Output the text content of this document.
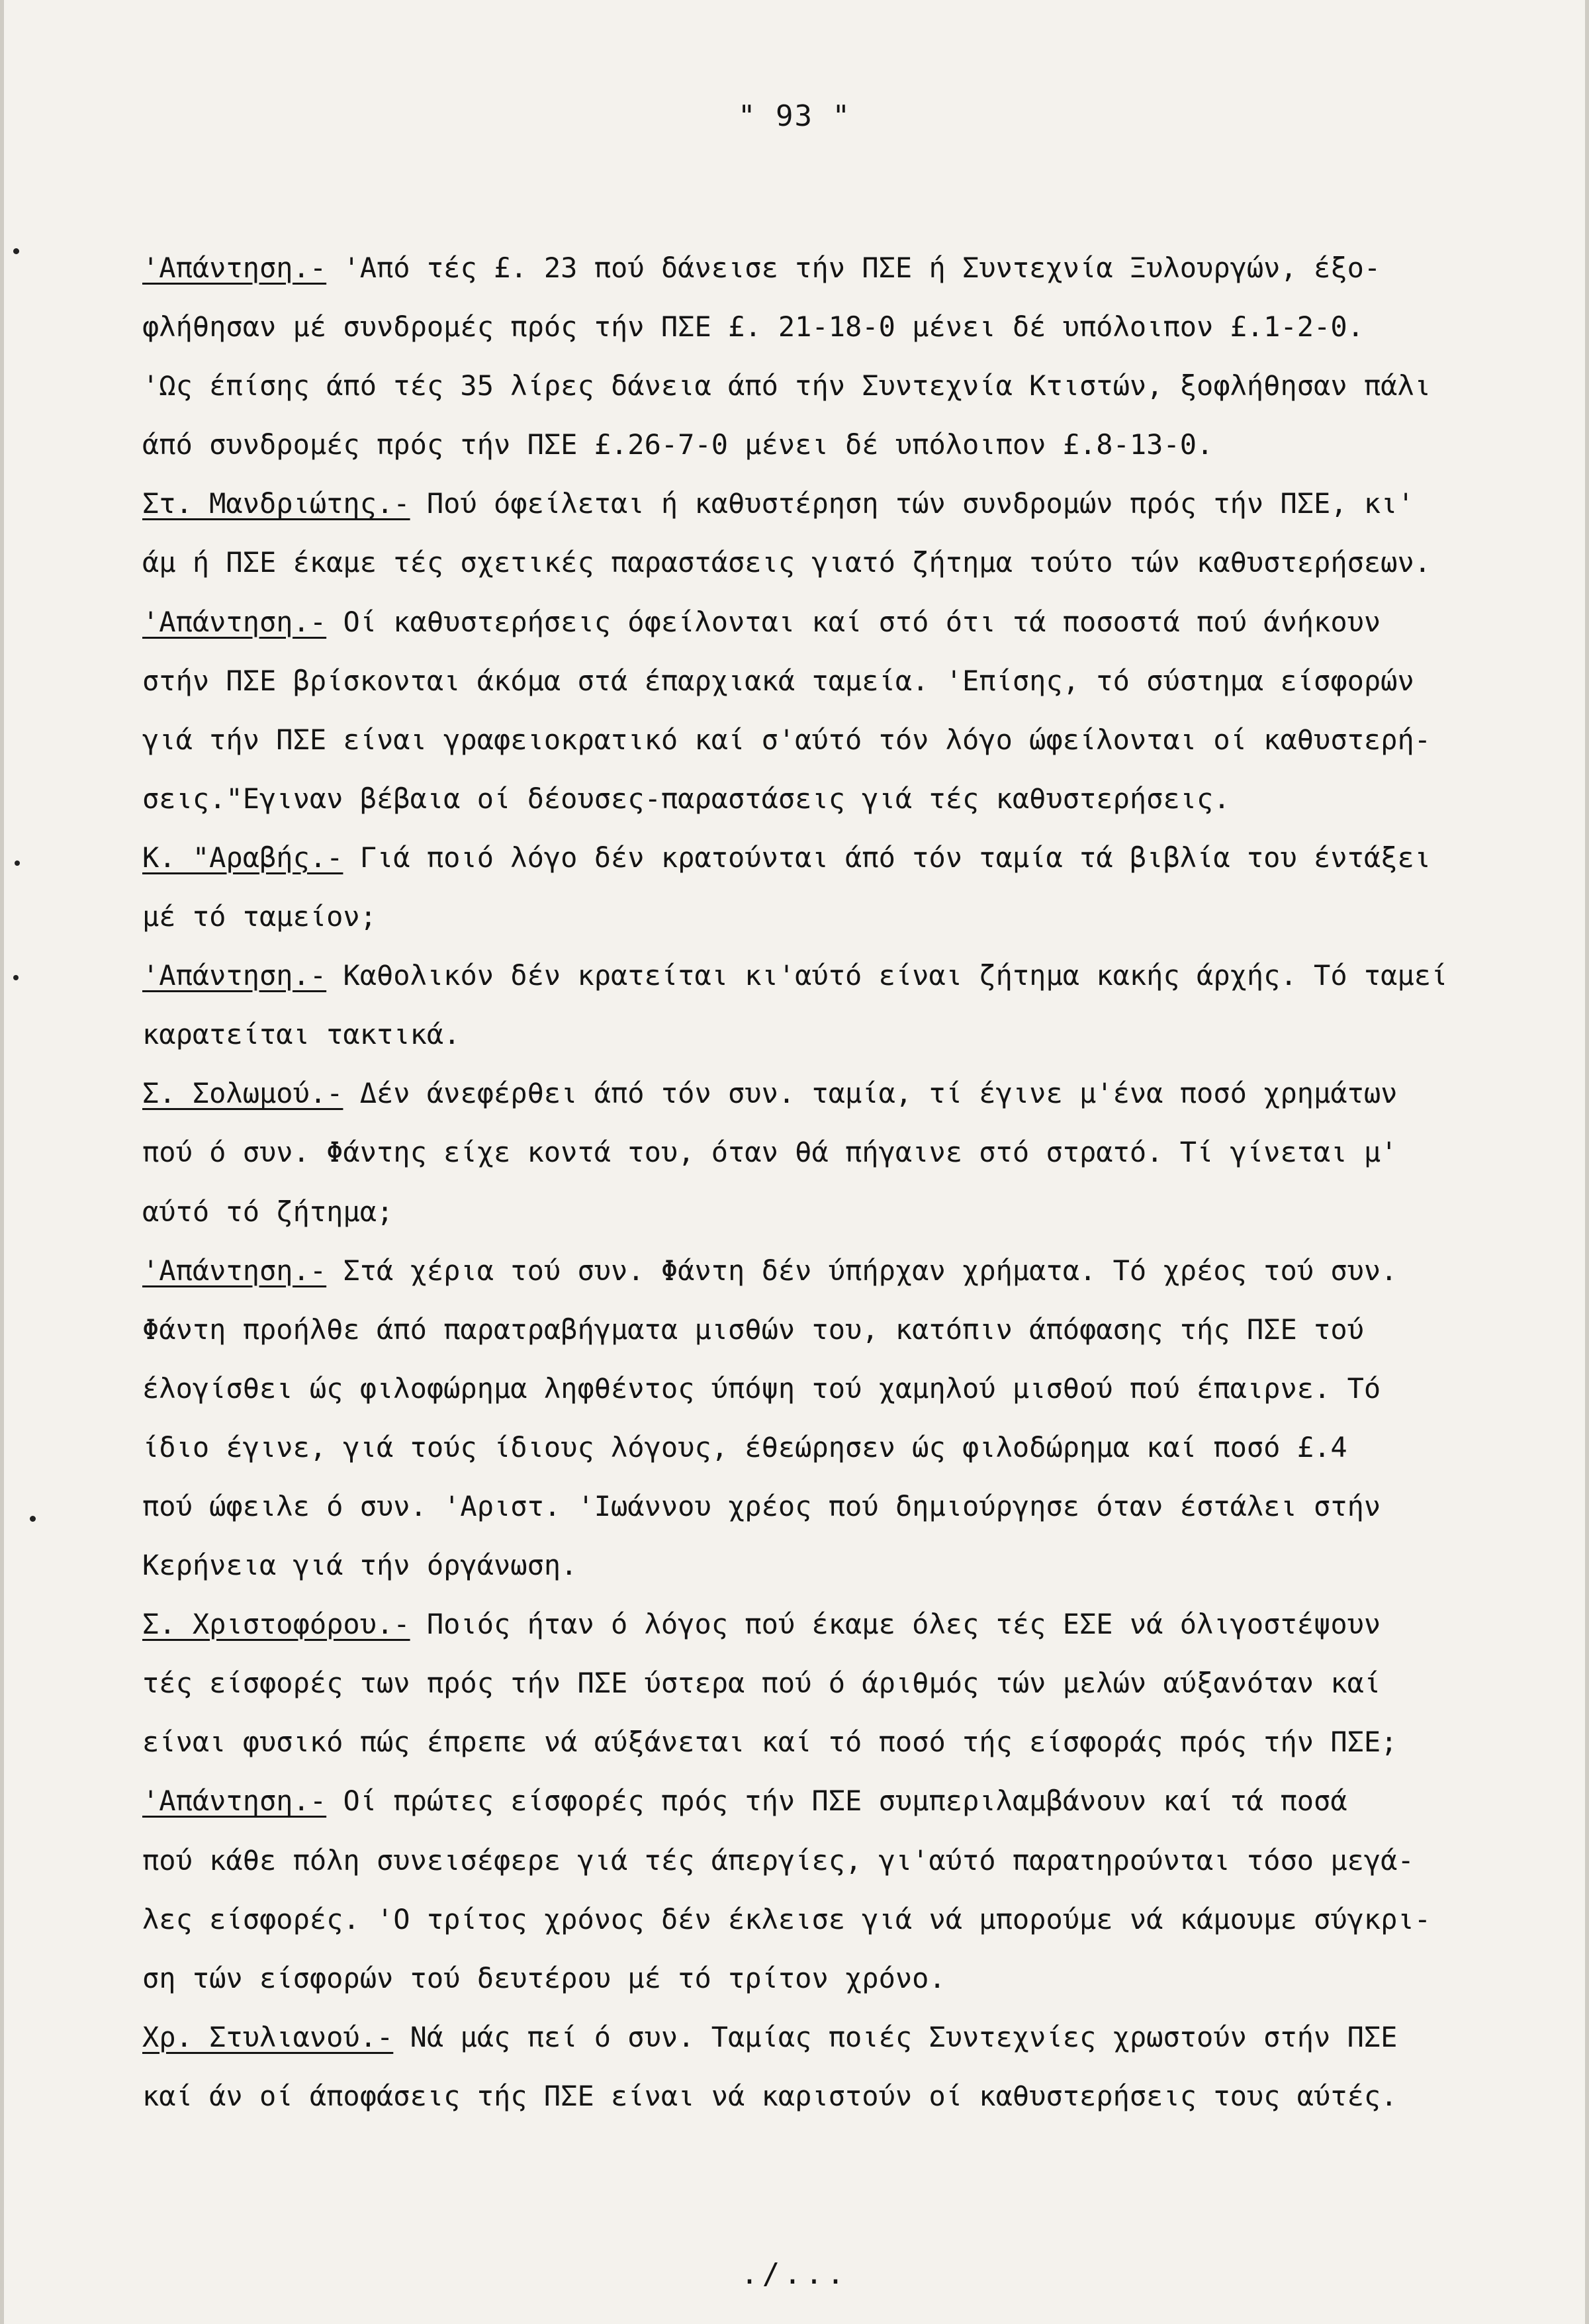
" 93 "
'Απάντηση.- 'Από τές £. 23 πού δάνεισε τήν ΠΣΕ ή Συντεχνία Ξυλουργών, έξο-
φλήθησαν μέ συνδρομές πρός τήν ΠΣΕ £. 21-18-0 μένει δέ υπόλοιπον £.1-2-0.
'Ως έπίσης άπό τές 35 λίρες δάνεια άπό τήν Συντεχνία Κτιστών, ξοφλήθησαν πάλι
άπό συνδρομές πρός τήν ΠΣΕ £.26-7-0 μένει δέ υπόλοιπον £.8-13-0.
Στ. Μανδριώτης.- Πού όφείλεται ή καθυστέρηση τών συνδρομών πρός τήν ΠΣΕ, κι'
άμ ή ΠΣΕ έκαμε τές σχετικές παραστάσεις γιατό ζήτημα τούτο τών καθυστερήσεων.
'Απάντηση.- Οί καθυστερήσεις όφείλονται καί στό ότι τά ποσοστά πού άνήκουν
στήν ΠΣΕ βρίσκονται άκόμα στά έπαρχιακά ταμεία. 'Επίσης, τό σύστημα είσφορών
γιά τήν ΠΣΕ είναι γραφειοκρατικό καί σ'αύτό τόν λόγο ώφείλονται οί καθυστερή-
σεις."Εγιναν βέβαια οί δέουσες-παραστάσεις γιά τές καθυστερήσεις.
Κ. "Αραβής.- Γιά ποιό λόγο δέν κρατούνται άπό τόν ταμία τά βιβλία του έντάξει
μέ τό ταμείον;
'Απάντηση.- Καθολικόν δέν κρατείται κι'αύτό είναι ζήτημα κακής άρχής. Τό ταμεί
καρατείται τακτικά.
Σ. Σολωμού.- Δέν άνεφέρθει άπό τόν συν. ταμία, τί έγινε μ'ένα ποσό χρημάτων
πού ό συν. Φάντης είχε κοντά του, όταν θά πήγαινε στό στρατό. Τί γίνεται μ'
αύτό τό ζήτημα;
'Απάντηση.- Στά χέρια τού συν. Φάντη δέν ύπήρχαν χρήματα. Τό χρέος τού συν.
Φάντη προήλθε άπό παρατραβήγματα μισθών του, κατόπιν άπόφασης τής ΠΣΕ τού
έλογίσθει ώς φιλοφώρημα ληφθέντος ύπόψη τού χαμηλού μισθού πού έπαιρνε. Τό
ίδιο έγινε, γιά τούς ίδιους λόγους, έθεώρησεν ώς φιλοδώρημα καί ποσό £.4
πού ώφειλε ό συν. 'Αριστ. 'Ιωάννου χρέος πού δημιούργησε όταν έστάλει στήν
Κερήνεια γιά τήν όργάνωση.
Σ. Χριστοφόρου.- Ποιός ήταν ό λόγος πού έκαμε όλες τές ΕΣΕ νά όλιγοστέψουν
τές είσφορές των πρός τήν ΠΣΕ ύστερα πού ό άριθμός τών μελών αύξανόταν καί
είναι φυσικό πώς έπρεπε νά αύξάνεται καί τό ποσό τής είσφοράς πρός τήν ΠΣΕ;
'Απάντηση.- Οί πρώτες είσφορές πρός τήν ΠΣΕ συμπεριλαμβάνουν καί τά ποσά
πού κάθε πόλη συνεισέφερε γιά τές άπεργίες, γι'αύτό παρατηρούνται τόσο μεγά-
λες είσφορές. 'Ο τρίτος χρόνος δέν έκλεισε γιά νά μπορούμε νά κάμουμε σύγκρι-
ση τών είσφορών τού δευτέρου μέ τό τρίτον χρόνο.
Χρ. Στυλιανού.- Νά μάς πεί ό συν. Ταμίας ποιές Συντεχνίες χρωστούν στήν ΠΣΕ
καί άν οί άποφάσεις τής ΠΣΕ είναι νά καριστούν οί καθυστερήσεις τους αύτές.
./...
